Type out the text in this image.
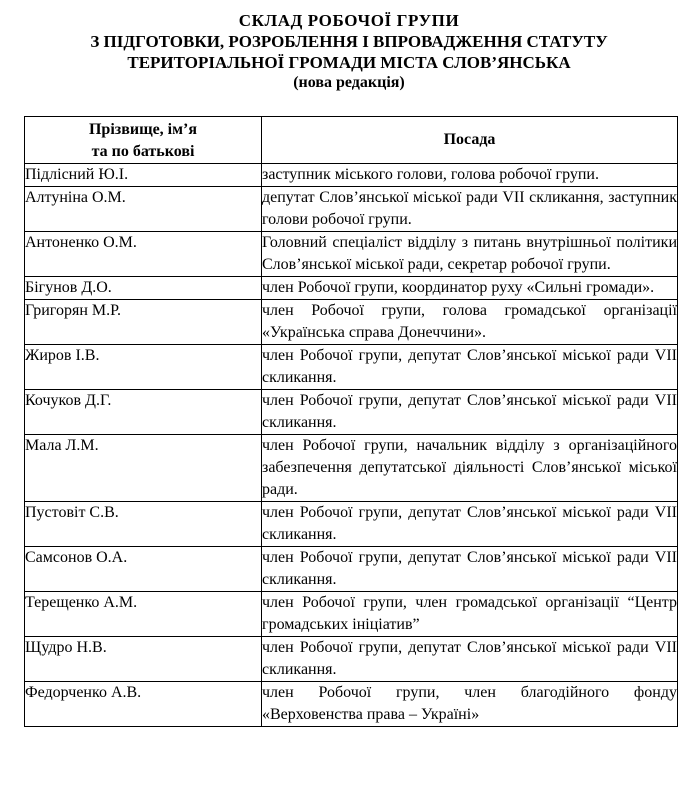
СКЛАД РОБОЧОЇ ГРУПИ
З ПІДГОТОВКИ, РОЗРОБЛЕННЯ І ВПРОВАДЖЕННЯ СТАТУТУ
ТЕРИТОРІАЛЬНОЇ ГРОМАДИ МІСТА СЛОВ’ЯНСЬКА
(нова редакція)
Прізвище, ім’я
та по батькові	Посада
Підлісний Ю.І.	заступник міського голови, голова робочої групи.
Алтуніна О.М.	депутат Слов’янської міської ради VII скликання, заступник голови робочої групи.
Антоненко О.М.	Головний спеціаліст відділу з питань внутрішньої політики Слов’янської міської ради, секретар робочої групи.
Бігунов Д.О.	член Робочої групи, координатор руху «Сильні громади».
Григорян М.Р.	член Робочої групи, голова громадської організації «Українська справа Донеччини».
Жиров І.В.	член Робочої групи, депутат Слов’янської міської ради VII скликання.
Кочуков Д.Г.	член Робочої групи, депутат Слов’янської міської ради VII скликання.
Мала Л.М.	член Робочої групи, начальник відділу з організаційного забезпечення депутатської діяльності Слов’янської міської ради.
Пустовіт С.В.	член Робочої групи, депутат Слов’янської міської ради VII скликання.
Самсонов О.А.	член Робочої групи, депутат Слов’янської міської ради VII скликання.
Терещенко А.М.	член Робочої групи, член громадської організації “Центр громадських ініціатив”
Щудро Н.В.	член Робочої групи, депутат Слов’янської міської ради VII скликання.
Федорченко А.В.	член Робочої групи, член благодійного фонду «Верховенства права – Україні»
